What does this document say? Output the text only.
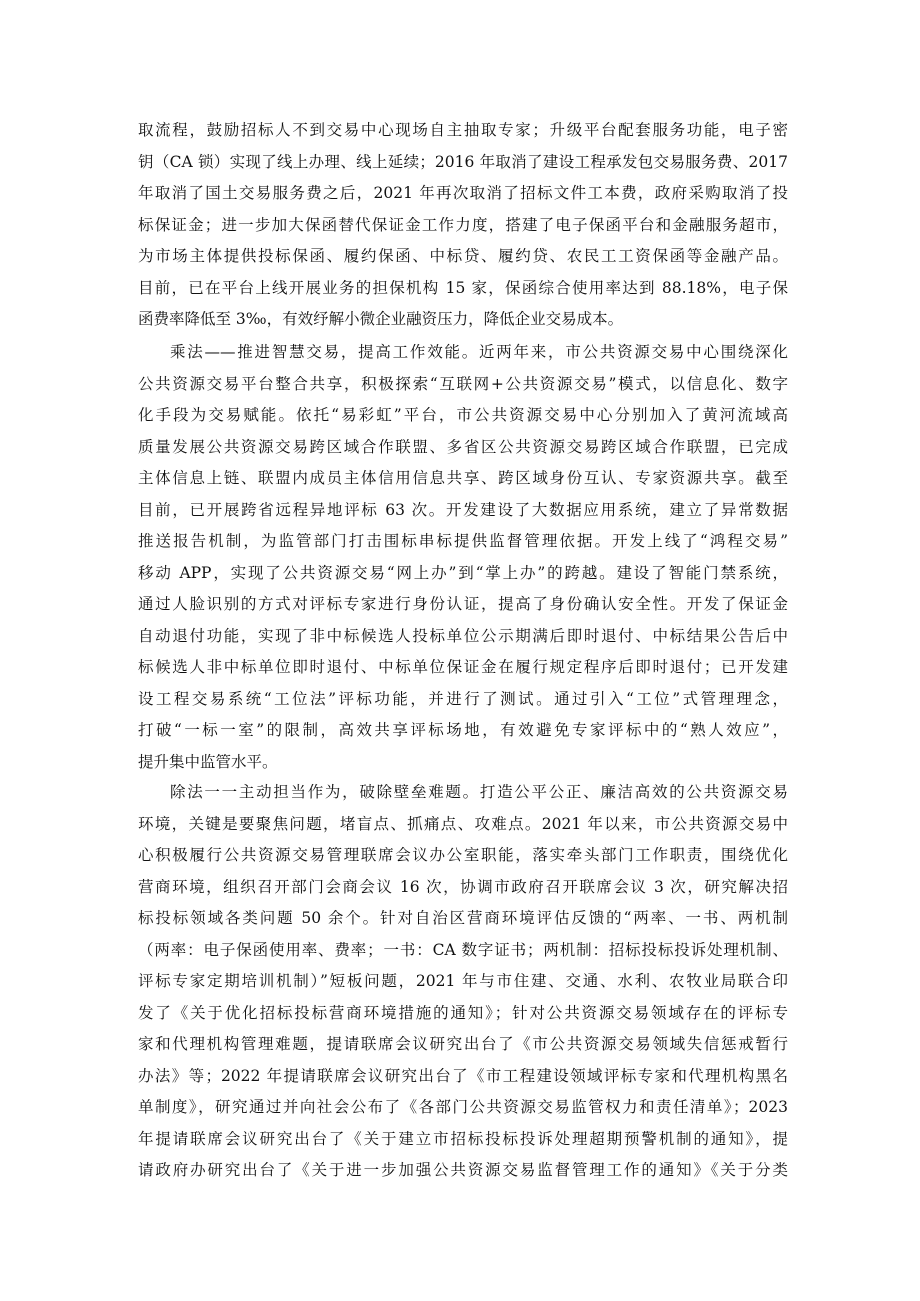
取流程，鼓励招标人不到交易中心现场自主抽取专家；升级平台配套服务功能，电子密
钥（CA 锁）实现了线上办理、线上延续；2016 年取消了建设工程承发包交易服务费、2017
年取消了国土交易服务费之后，2021 年再次取消了招标文件工本费，政府采购取消了投
标保证金；进一步加大保函替代保证金工作力度，搭建了电子保函平台和金融服务超市，
为市场主体提供投标保函、履约保函、中标贷、履约贷、农民工工资保函等金融产品。
目前，已在平台上线开展业务的担保机构 15 家，保函综合使用率达到 88.18%，电子保
函费率降低至 3‰，有效纾解小微企业融资压力，降低企业交易成本。
乘法——推进智慧交易，提高工作效能。近两年来，市公共资源交易中心围绕深化
公共资源交易平台整合共享，积极探索“互联网+公共资源交易”模式，以信息化、数字
化手段为交易赋能。依托“易彩虹”平台，市公共资源交易中心分别加入了黄河流域高
质量发展公共资源交易跨区域合作联盟、多省区公共资源交易跨区域合作联盟，已完成
主体信息上链、联盟内成员主体信用信息共享、跨区域身份互认、专家资源共享。截至
目前，已开展跨省远程异地评标 63 次。开发建设了大数据应用系统，建立了异常数据
推送报告机制，为监管部门打击围标串标提供监督管理依据。开发上线了“鸿程交易”
移动 APP，实现了公共资源交易“网上办”到“掌上办”的跨越。建设了智能门禁系统，
通过人脸识别的方式对评标专家进行身份认证，提高了身份确认安全性。开发了保证金
自动退付功能，实现了非中标候选人投标单位公示期满后即时退付、中标结果公告后中
标候选人非中标单位即时退付、中标单位保证金在履行规定程序后即时退付；已开发建
设工程交易系统“工位法”评标功能，并进行了测试。通过引入“工位”式管理理念，
打破“一标一室”的限制，高效共享评标场地，有效避免专家评标中的“熟人效应”，
提升集中监管水平。
除法一一主动担当作为，破除壁垒难题。打造公平公正、廉洁高效的公共资源交易
环境，关键是要聚焦问题，堵盲点、抓痛点、攻难点。2021 年以来，市公共资源交易中
心积极履行公共资源交易管理联席会议办公室职能，落实牵头部门工作职责，围绕优化
营商环境，组织召开部门会商会议 16 次，协调市政府召开联席会议 3 次，研究解决招
标投标领域各类问题 50 余个。针对自治区营商环境评估反馈的“两率、一书、两机制
（两率：电子保函使用率、费率；一书：CA 数字证书；两机制：招标投标投诉处理机制、
评标专家定期培训机制）”短板问题，2021 年与市住建、交通、水利、农牧业局联合印
发了《关于优化招标投标营商环境措施的通知》；针对公共资源交易领域存在的评标专
家和代理机构管理难题，提请联席会议研究出台了《市公共资源交易领域失信惩戒暂行
办法》等；2022 年提请联席会议研究出台了《市工程建设领域评标专家和代理机构黑名
单制度》，研究通过并向社会公布了《各部门公共资源交易监管权力和责任清单》；2023
年提请联席会议研究出台了《关于建立市招标投标投诉处理超期预警机制的通知》，提
请政府办研究出台了《关于进一步加强公共资源交易监督管理工作的通知》《关于分类
